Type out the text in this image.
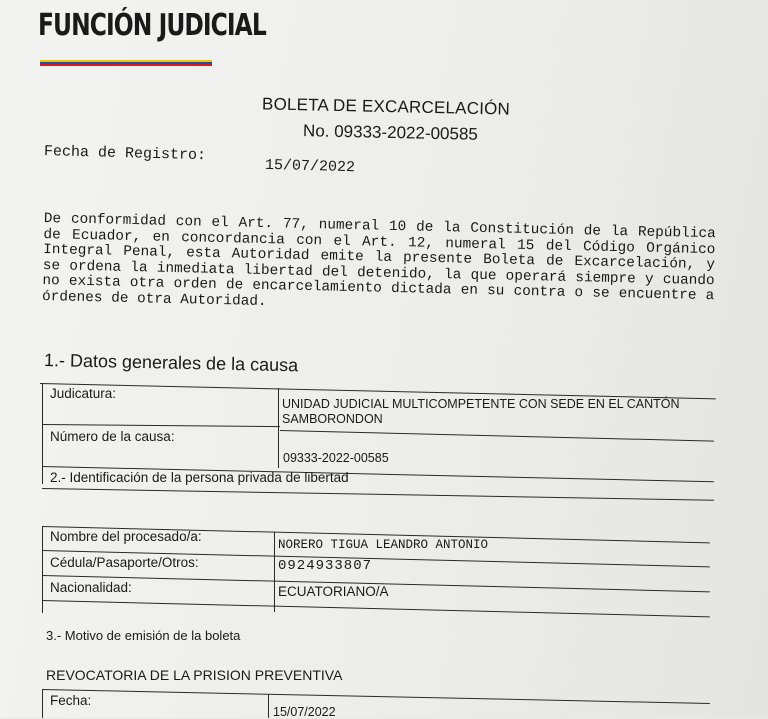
FUNCIÓN JUDICIAL
BOLETA DE EXCARCELACIÓN
No. 09333-2022-00585
Fecha de Registro:
15/07/2022
De conformidad con el Art. 77, numeral 10 de la Constitución de la República de Ecuador, en concordancia con el Art. 12, numeral 15 del Código Orgánico Integral Penal, esta Autoridad emite la presente Boleta de Excarcelación, y se ordena la inmediata libertad del detenido, la que operará siempre y cuando no exista otra orden de encarcelamiento dictada en su contra o se encuentre a órdenes de otra Autoridad.
1.- Datos generales de la causa
Judicatura:
UNIDAD JUDICIAL MULTICOMPETENTE CON SEDE EN EL CANTÓN
SAMBORONDON
Número de la causa:
09333-2022-00585
2.- Identificación de la persona privada de libertad
Nombre del procesado/a:
NORERO TIGUA LEANDRO ANTONIO
Cédula/Pasaporte/Otros:	0924933807
Nacionalidad:	ECUATORIANO/A
3.- Motivo de emisión de la boleta
REVOCATORIA DE LA PRISION PREVENTIVA
Fecha:
15/07/2022
